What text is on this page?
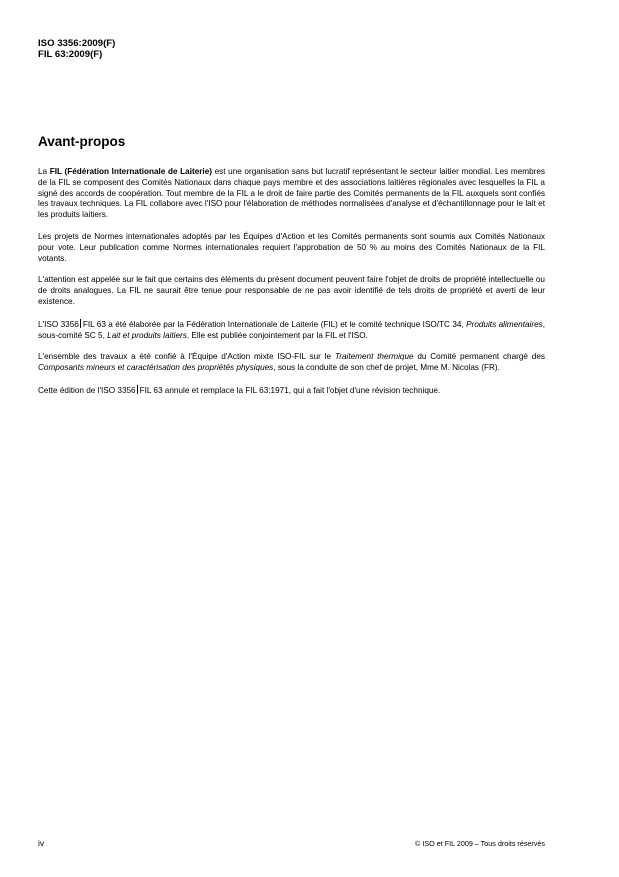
ISO 3356:2009(F)
FIL 63:2009(F)
Avant-propos

La FIL (Fédération Internationale de Laiterie) est une organisation sans but lucratif représentant le secteur laitier mondial. Les membres de la FIL se composent des Comités Nationaux dans chaque pays membre et des associations laitières régionales avec lesquelles la FIL a signé des accords de coopération. Tout membre de la FIL a le droit de faire partie des Comités permanents de la FIL auxquels sont confiés les travaux techniques. La FIL collabore avec l'ISO pour l'élaboration de méthodes normalisées d'analyse et d'échantillonnage pour le lait et les produits laitiers.

Les projets de Normes internationales adoptés par les Équipes d'Action et les Comités permanents sont soumis aux Comités Nationaux pour vote. Leur publication comme Normes internationales requiert l'approbation de 50 % au moins des Comités Nationaux de la FIL votants.

L'attention est appelée sur le fait que certains des éléments du présent document peuvent faire l'objet de droits de propriété intellectuelle ou de droits analogues. La FIL ne saurait être tenue pour responsable de ne pas avoir identifié de tels droits de propriété et averti de leur existence.

L'ISO 3356 FIL 63 a été élaborée par la Fédération Internationale de Laiterie (FIL) et le comité technique ISO/TC 34, Produits alimentaires, sous-comité SC 5, Lait et produits laitiers. Elle est publiée conjointement par la FIL et l'ISO.

L'ensemble des travaux a été confié à l'Équipe d'Action mixte ISO-FIL sur le Traitement thermique du Comité permanent chargé des Composants mineurs et caractérisation des propriétés physiques, sous la conduite de son chef de projet, Mme M. Nicolas (FR).

Cette édition de l'ISO 3356 FIL 63 annule et remplace la FIL 63:1971, qui a fait l'objet d'une révision technique.

iv	© ISO et FIL 2009 – Tous droits réservés
